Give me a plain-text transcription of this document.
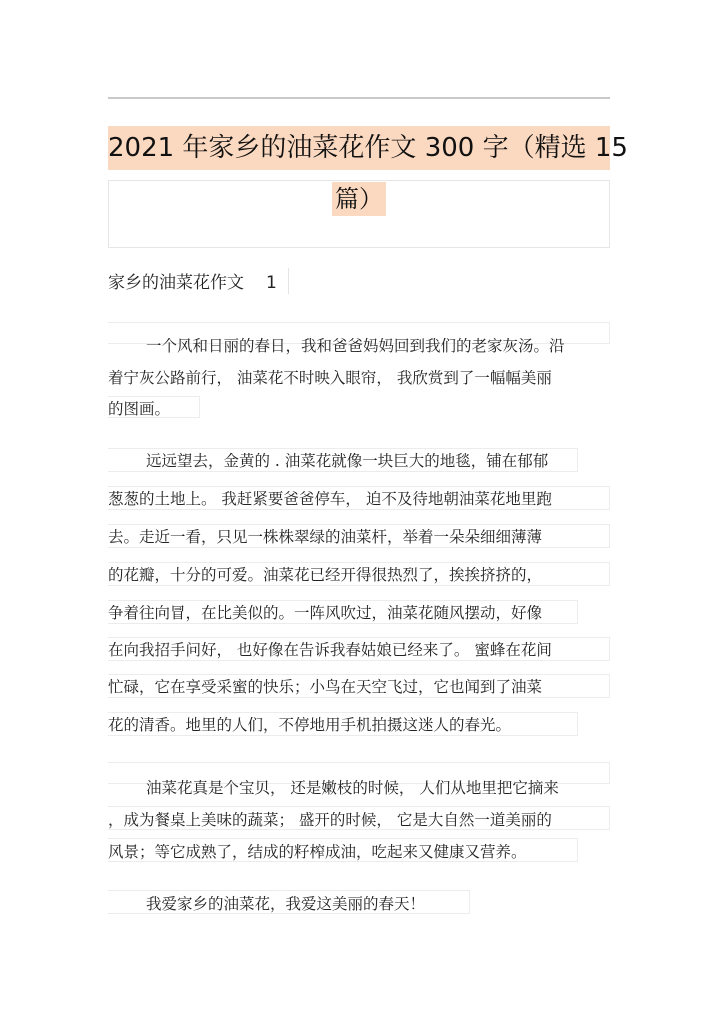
2021 年家乡的油菜花作文 300 字（精选 15
篇）
家乡的油菜花作文 1
一个风和日丽的春日，我和爸爸妈妈回到我们的老家灰汤。沿
着宁灰公路前行， 油菜花不时映入眼帘， 我欣赏到了一幅幅美丽
的图画。
远远望去，金黄的 . 油菜花就像一块巨大的地毯，铺在郁郁
葱葱的土地上。 我赶紧要爸爸停车， 迫不及待地朝油菜花地里跑
去。走近一看，只见一株株翠绿的油菜杆，举着一朵朵细细薄薄
的花瓣，十分的可爱。油菜花已经开得很热烈了，挨挨挤挤的，
争着往向冒，在比美似的。一阵风吹过，油菜花随风摆动，好像
在向我招手问好， 也好像在告诉我春姑娘已经来了。 蜜蜂在花间
忙碌，它在享受采蜜的快乐；小鸟在天空飞过，它也闻到了油菜
花的清香。地里的人们，不停地用手机拍摄这迷人的春光。
油菜花真是个宝贝， 还是嫩枝的时候， 人们从地里把它摘来
，成为餐桌上美味的蔬菜； 盛开的时候， 它是大自然一道美丽的
风景；等它成熟了，结成的籽榨成油，吃起来又健康又营养。
我爱家乡的油菜花，我爱这美丽的春天！
